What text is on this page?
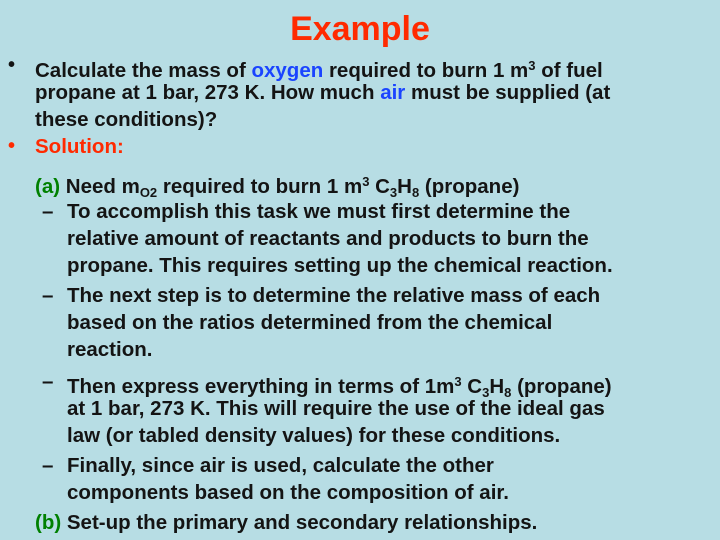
Example
• Calculate the mass of oxygen required to burn 1 $m^3$ of fuel
propane at 1 bar, 273 K. How much air must be supplied (at
these conditions)?
• Solution:
(a) Need $m_{O2}$ required to burn 1 $m^3$ $C_3H_8$ (propane)
– To accomplish this task we must first determine the
relative amount of reactants and products to burn the
propane. This requires setting up the chemical reaction.
– The next step is to determine the relative mass of each
based on the ratios determined from the chemical
reaction.
– Then express everything in terms of $1m^3$ $C_3H_8$ (propane)
at 1 bar, 273 K. This will require the use of the ideal gas
law (or tabled density values) for these conditions.
– Finally, since air is used, calculate the other
components based on the composition of air.
(b) Set-up the primary and secondary relationships.
